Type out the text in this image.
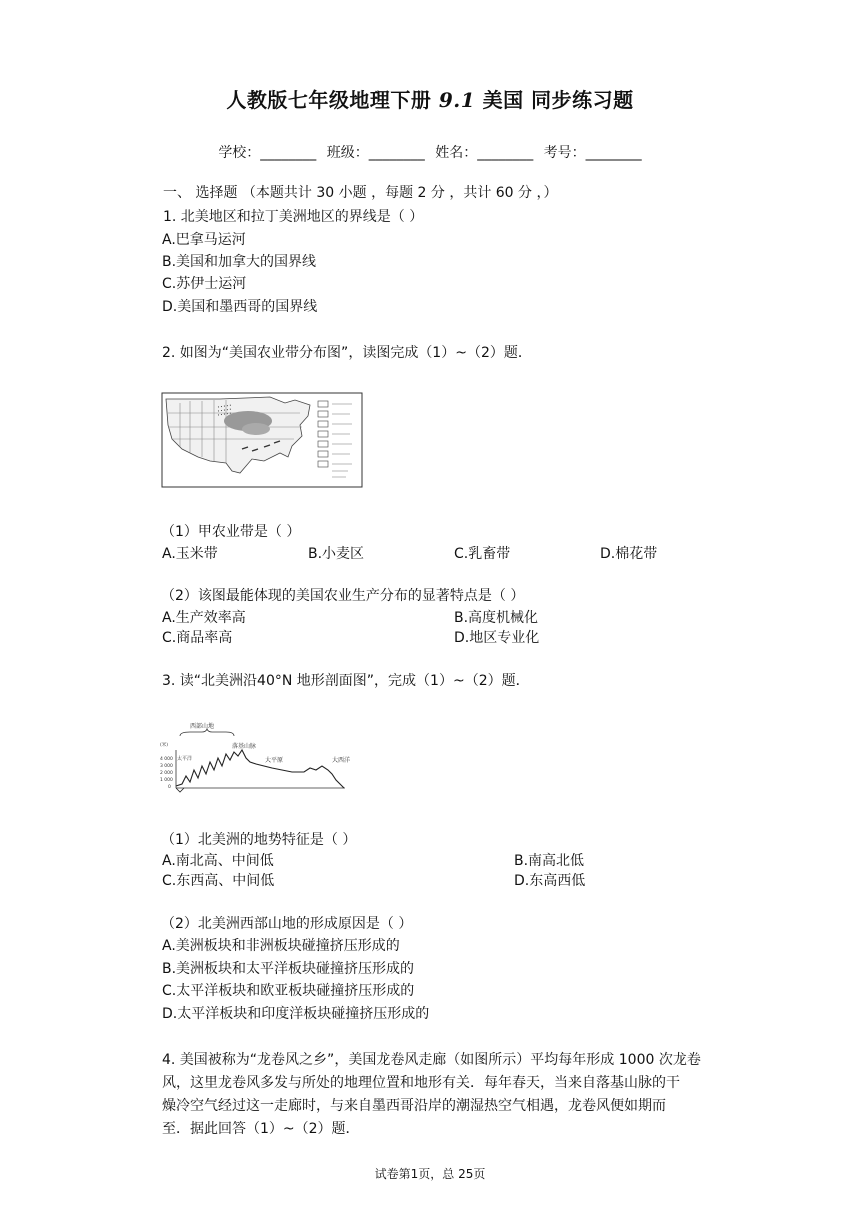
人教版七年级地理下册 9.1 美国 同步练习题
学校：________ 班级：________ 姓名：________ 考号：________
一、 选择题 （本题共计 30 小题 ，每题 2 分 ，共计 60 分 ，）
1. 北美地区和拉丁美洲地区的界线是（ ）
A.巴拿马运河
B.美国和加拿大的国界线
C.苏伊士运河
D.美国和墨西哥的国界线
2. 如图为“美国农业带分布图”，读图完成（1）~（2）题．
（1）甲农业带是（ ）
A.玉米带	B.小麦区	C.乳畜带	D.棉花带
（2）该图最能体现的美国农业生产分布的显著特点是（ ）
A.生产效率高	B.高度机械化
C.商品率高	D.地区专业化
3. 读“北美洲沿40°N 地形剖面图”，完成（1）~（2）题．
西部山地
落基山脉
大平原	大西洋
(米)
4 000
3 000
2 000
1 000
0
太平洋
（1）北美洲的地势特征是（ ）
A.南北高、中间低	B.南高北低
C.东西高、中间低	D.东高西低
（2）北美洲西部山地的形成原因是（ ）
A.美洲板块和非洲板块碰撞挤压形成的
B.美洲板块和太平洋板块碰撞挤压形成的
C.太平洋板块和欧亚板块碰撞挤压形成的
D.太平洋板块和印度洋板块碰撞挤压形成的
4. 美国被称为“龙卷风之乡”，美国龙卷风走廊（如图所示）平均每年形成 1000 次龙卷
风，这里龙卷风多发与所处的地理位置和地形有关．每年春天，当来自落基山脉的干
燥冷空气经过这一走廊时，与来自墨西哥沿岸的潮湿热空气相遇，龙卷风便如期而
至．据此回答（1）~（2）题．
试卷第1页，总 25页
